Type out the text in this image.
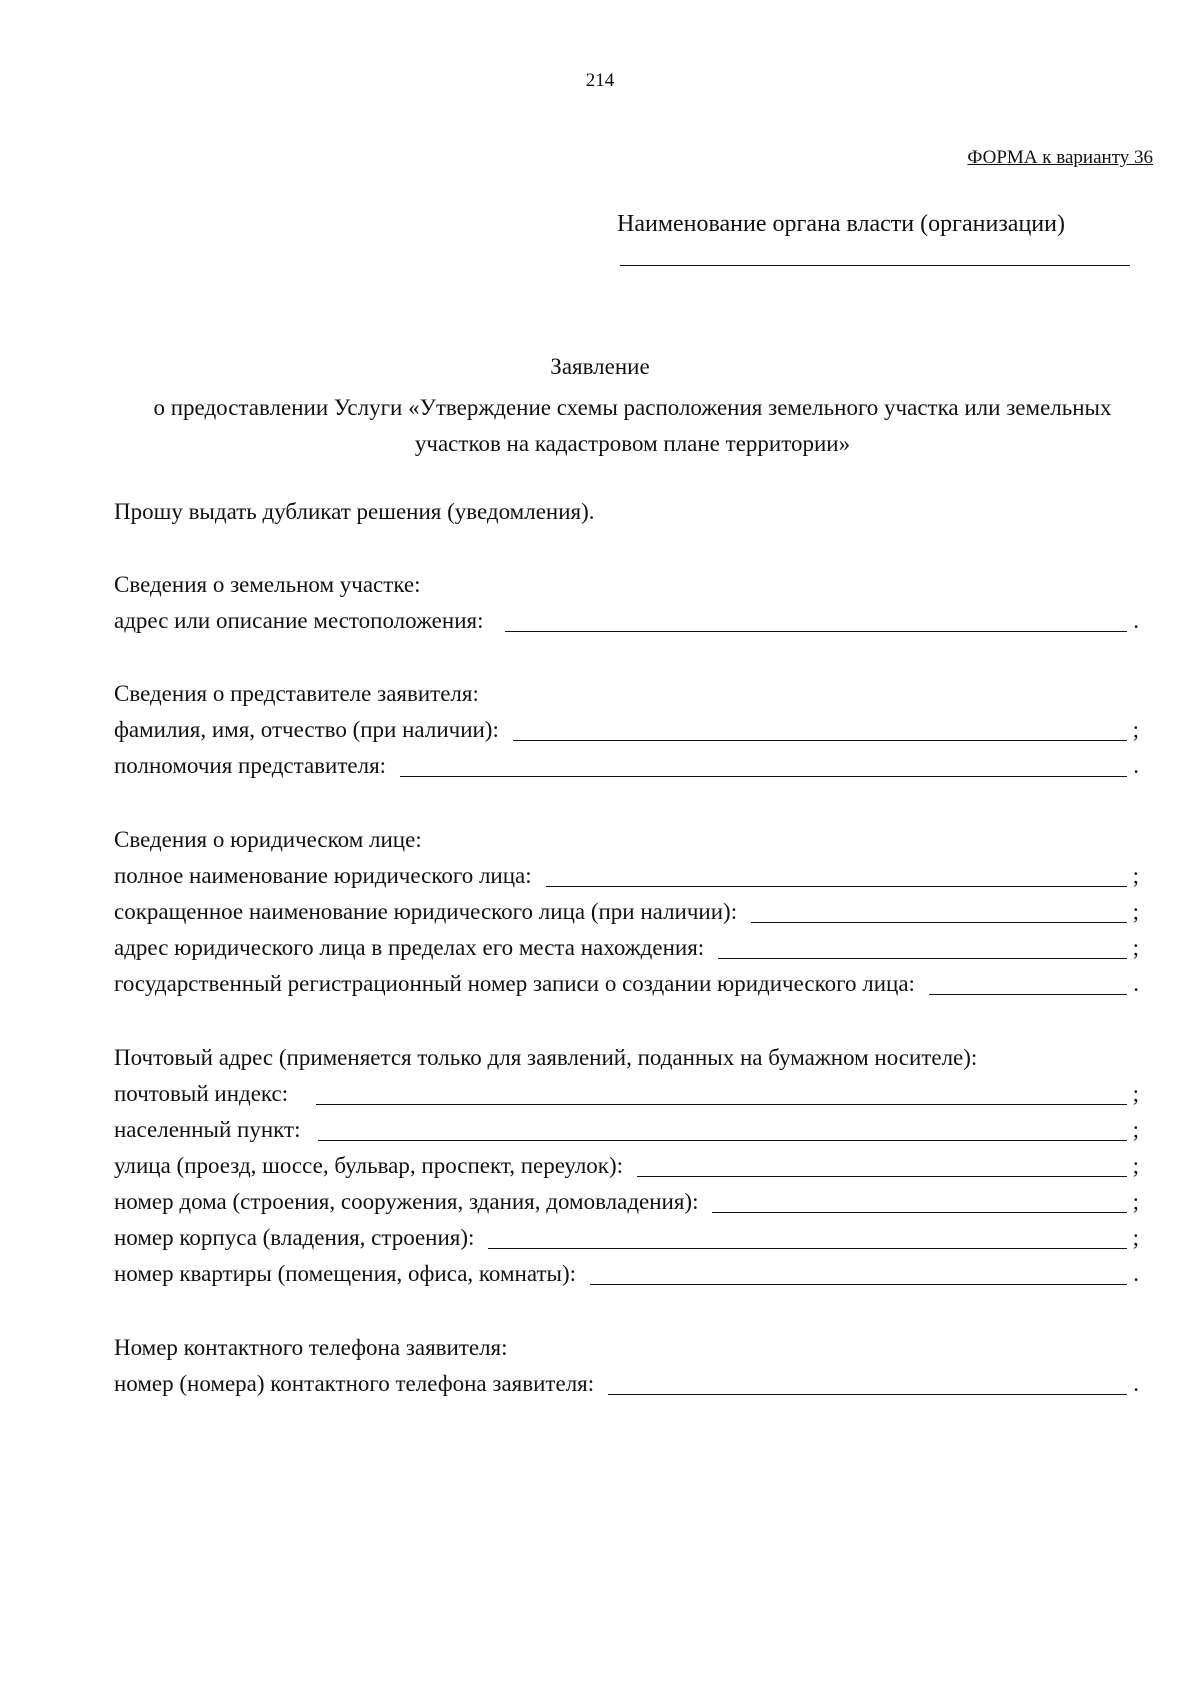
214
ФОРМА к варианту 36
Наименование органа власти (организации)
Заявление
о предоставлении Услуги «Утверждение схемы расположения земельного участка или земельных
участков на кадастровом плане территории»
Прошу выдать дубликат решения (уведомления).
Сведения о земельном участке:
адрес или описание местоположения:	.
Сведения о представителе заявителя:
фамилия, имя, отчество (при наличии):	;
полномочия представителя:	.
Сведения о юридическом лице:
полное наименование юридического лица:	;
сокращенное наименование юридического лица (при наличии):	;
адрес юридического лица в пределах его места нахождения:	;
государственный регистрационный номер записи о создании юридического лица:	.
Почтовый адрес (применяется только для заявлений, поданных на бумажном носителе):
почтовый индекс:	;
населенный пункт:	;
улица (проезд, шоссе, бульвар, проспект, переулок):	;
номер дома (строения, сооружения, здания, домовладения):	;
номер корпуса (владения, строения):	;
номер квартиры (помещения, офиса, комнаты):	.
Номер контактного телефона заявителя:
номер (номера) контактного телефона заявителя:	.
